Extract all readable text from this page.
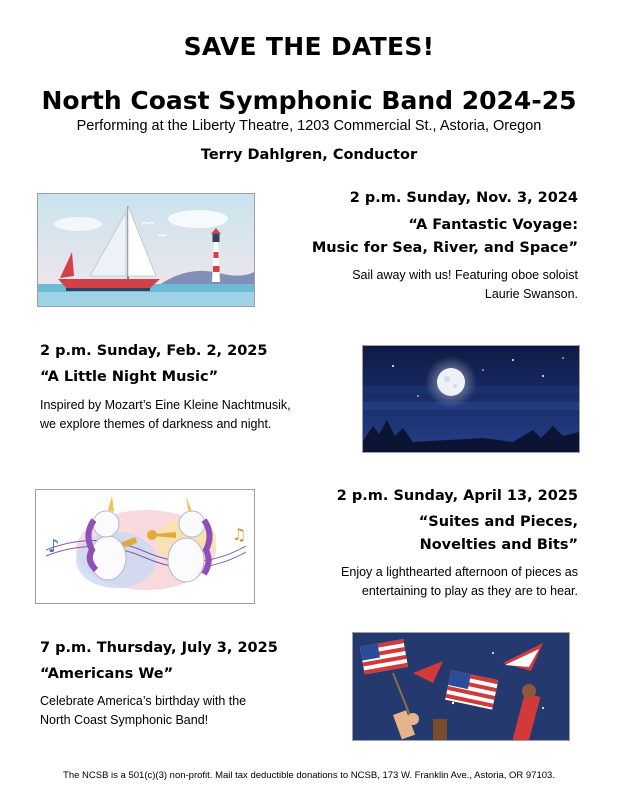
SAVE THE DATES!
North Coast Symphonic Band 2024-25
Performing at the Liberty Theatre, 1203 Commercial St., Astoria, Oregon
Terry Dahlgren, Conductor
2 p.m. Sunday, Nov. 3, 2024
“A Fantastic Voyage:
Music for Sea, River, and Space”
Sail away with us! Featuring oboe soloist
Laurie Swanson.
2 p.m. Sunday, Feb. 2, 2025
“A Little Night Music”
Inspired by Mozart’s Eine Kleine Nachtmusik,
we explore themes of darkness and night.
♪
♫
2 p.m. Sunday, April 13, 2025
“Suites and Pieces,
Novelties and Bits”
Enjoy a lighthearted afternoon of pieces as
entertaining to play as they are to hear.
7 p.m. Thursday, July 3, 2025
“Americans We”
Celebrate America’s birthday with the
North Coast Symphonic Band!
The NCSB is a 501(c)(3) non-profit. Mail tax deductible donations to NCSB, 173 W. Franklin Ave., Astoria, OR 97103.
